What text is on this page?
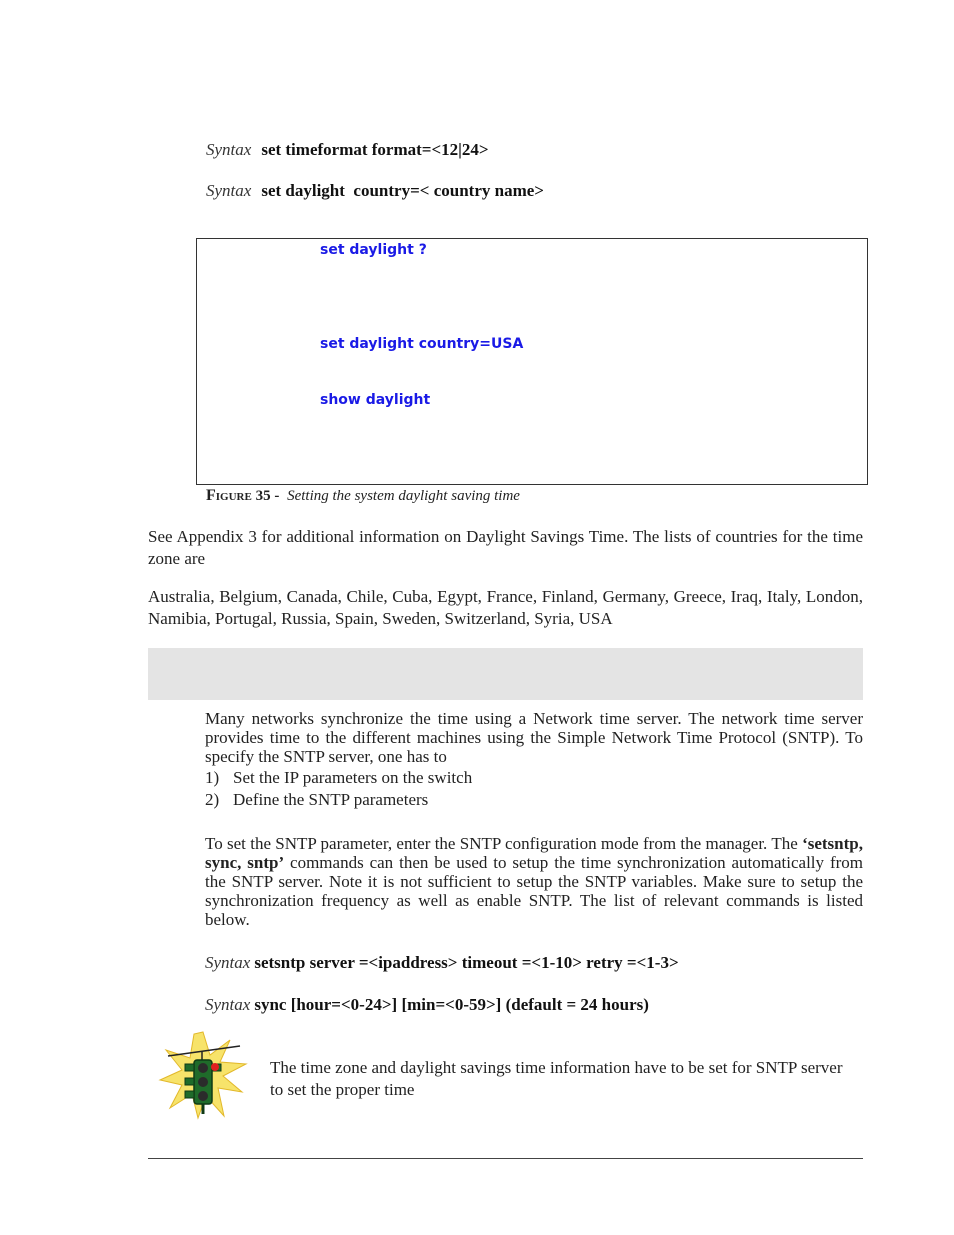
Syntax set timeformat format=<12|24>
Syntax set daylight  country=< country name>
set daylight ?
set daylight country=USA
show daylight
Figure 35 - Setting the system daylight saving time
See Appendix 3 for additional information on Daylight Savings Time. The lists of countries for the time zone are
Australia, Belgium, Canada, Chile, Cuba, Egypt, France, Finland, Germany, Greece, Iraq, Italy, London, Namibia, Portugal, Russia, Spain, Sweden, Switzerland, Syria, USA
Many networks synchronize the time using a Network time server. The network time server provides time to the different machines using the Simple Network Time Protocol (SNTP). To specify the SNTP server, one has to
1) Set the IP parameters on the switch
2) Define the SNTP parameters
To set the SNTP parameter, enter the SNTP configuration mode from the manager. The ‘setsntp, sync, sntp’ commands can then be used to setup the time synchronization automatically from the SNTP server. Note it is not sufficient to setup the SNTP variables. Make sure to setup the synchronization frequency as well as enable SNTP. The list of relevant commands is listed below.
Syntax setsntp server =<ipaddress> timeout =<1-10> retry =<1-3>
Syntax sync [hour=<0-24>] [min=<0-59>] (default = 24 hours)
The time zone and daylight savings time information have to be set for SNTP server to set the proper time
